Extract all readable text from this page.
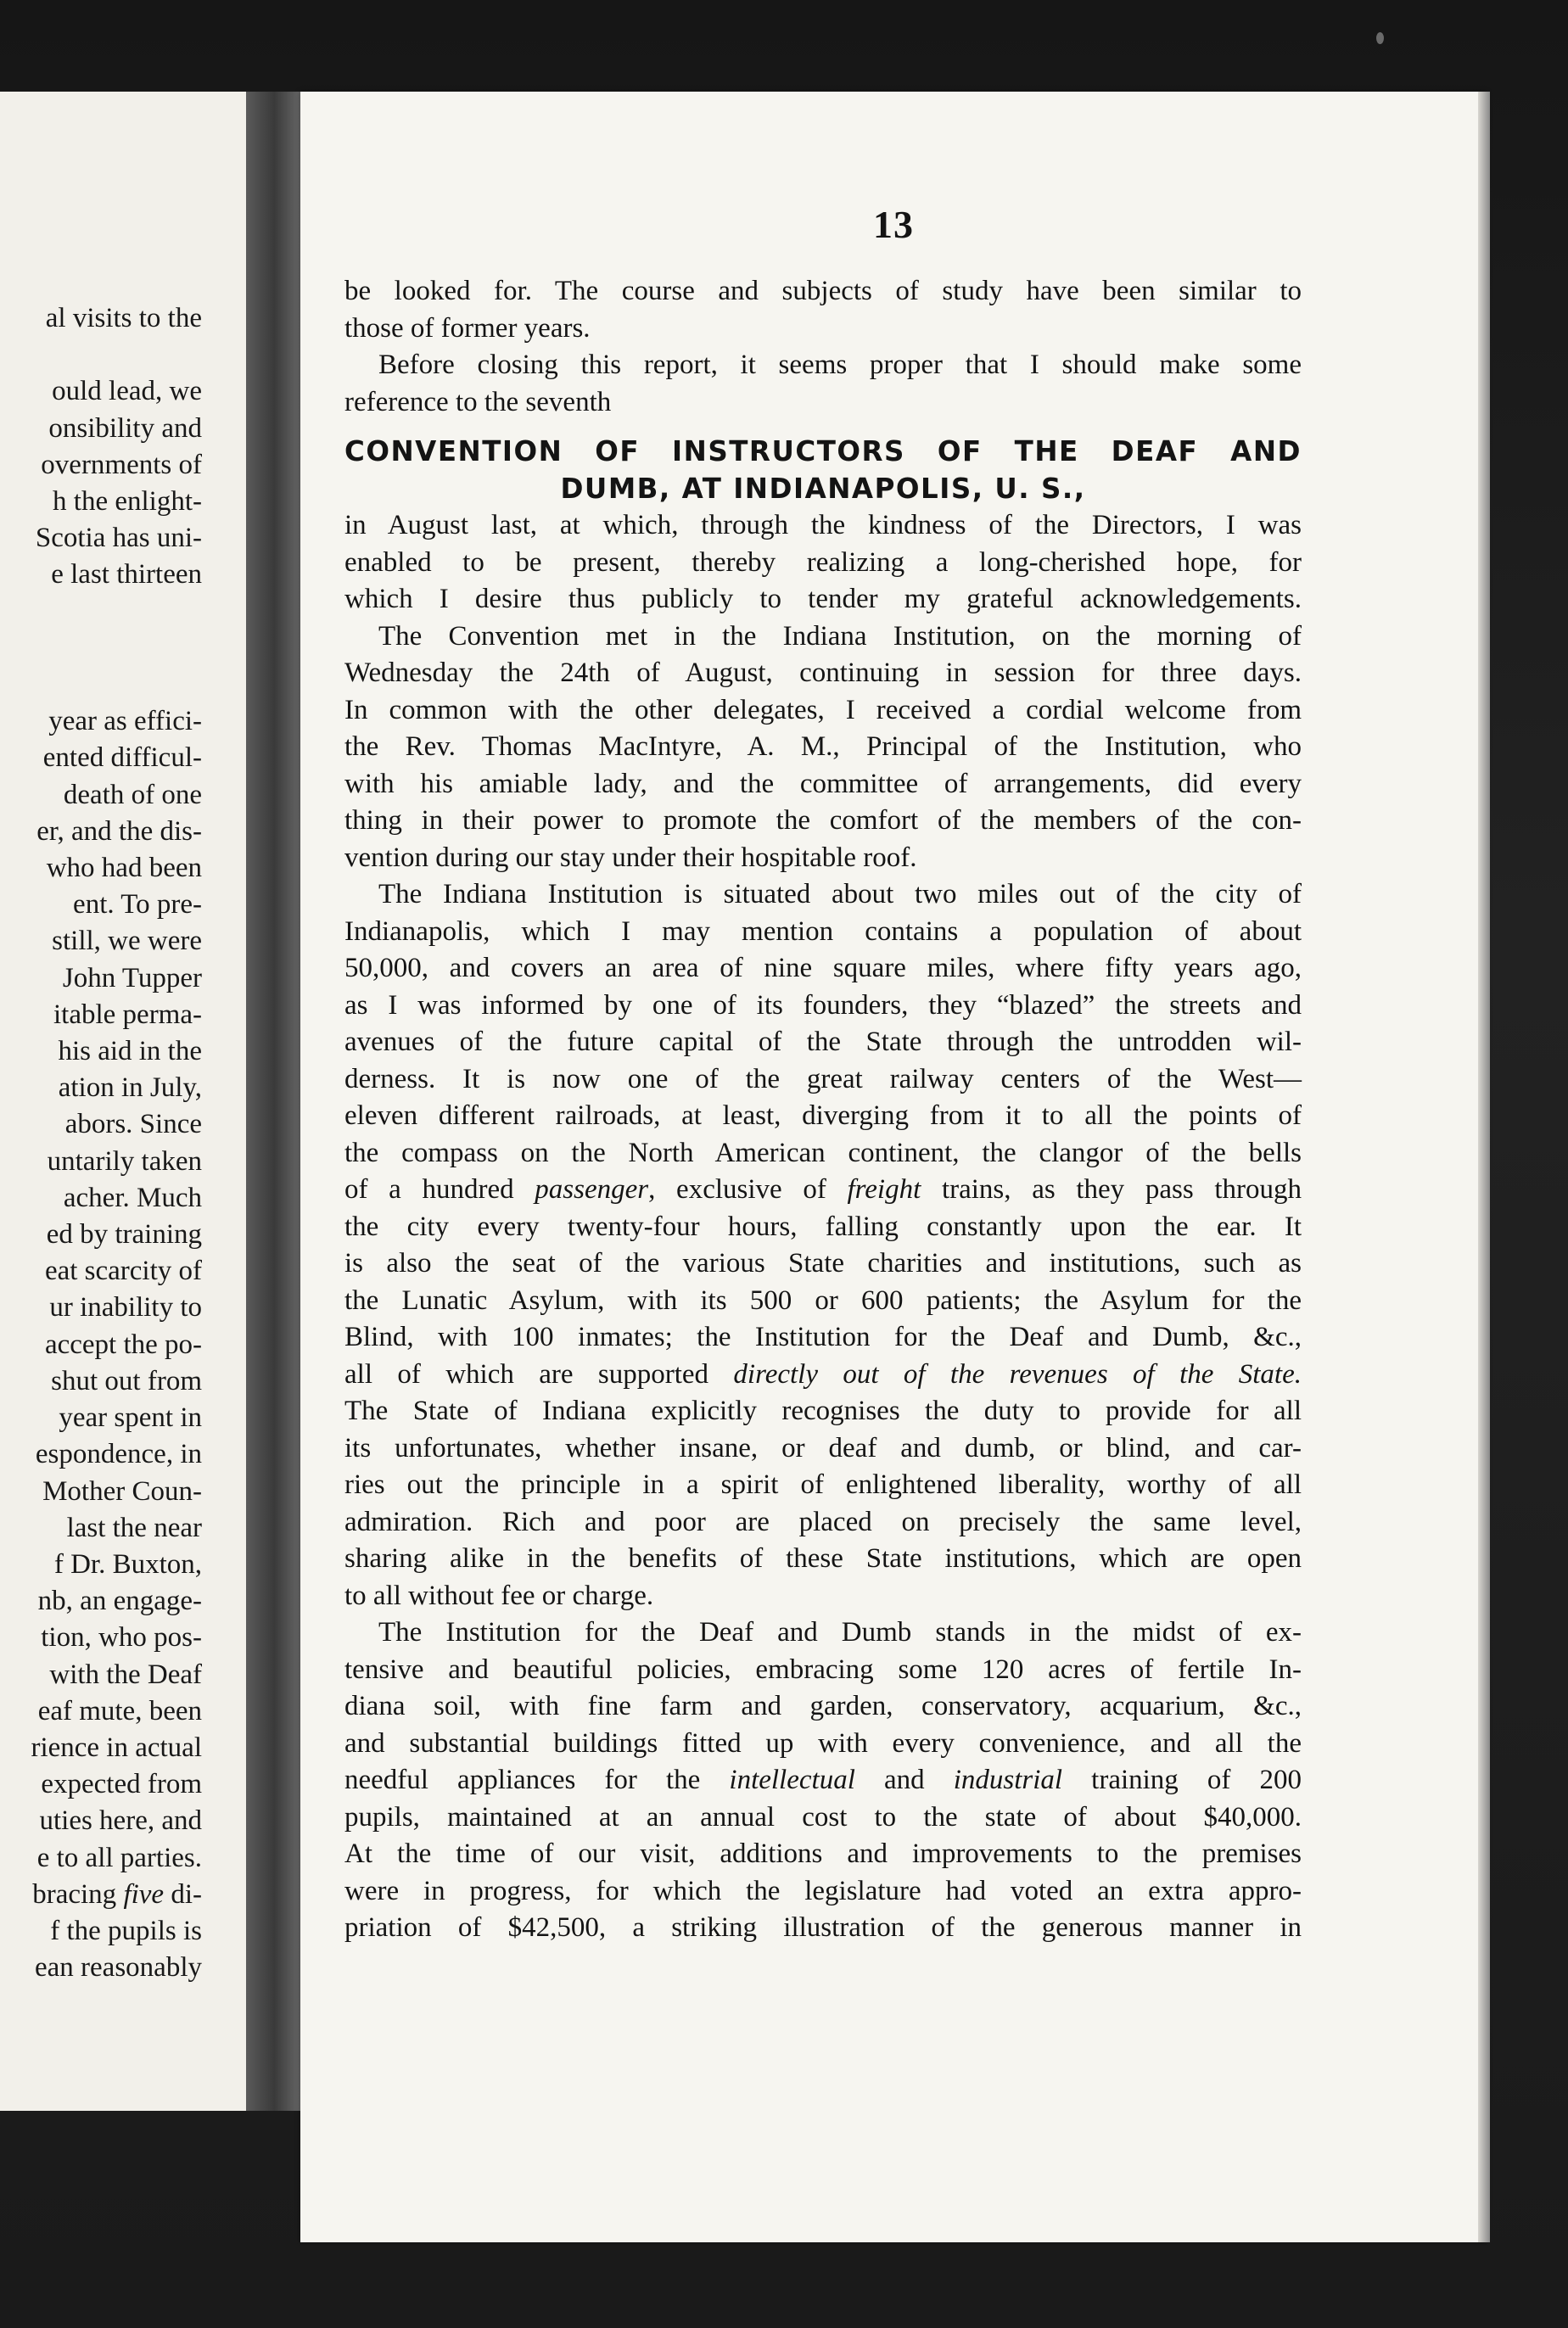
al visits to the

ould lead, we
onsibility and
overnments of
h the enlight-
Scotia has uni-
e last thirteen

year as effici-
ented difficul-
death of one
er, and the dis-
who had been
ent. To pre-
still, we were
John Tupper
itable perma-
his aid in the
ation in July,
abors. Since
untarily taken
acher. Much
ed by training
eat scarcity of
ur inability to
accept the po-
shut out from
year spent in
espondence, in
Mother Coun-
last the near
f Dr. Buxton,
nb, an engage-
tion, who pos-
with the Deaf
eaf mute, been
rience in actual
expected from
uties here, and
e to all parties.
bracing five di-
f the pupils is
ean reasonably
13
be looked for. The course and subjects of study have been similar to
those of former years.
Before closing this report, it seems proper that I should make some
reference to the seventh
CONVENTION OF INSTRUCTORS OF THE DEAF AND
DUMB, AT INDIANAPOLIS, U. S.,
in August last, at which, through the kindness of the Directors, I was
enabled to be present, thereby realizing a long-cherished hope, for
which I desire thus publicly to tender my grateful acknowledgements.
The Convention met in the Indiana Institution, on the morning of
Wednesday the 24th of August, continuing in session for three days.
In common with the other delegates, I received a cordial welcome from
the Rev. Thomas MacIntyre, A. M., Principal of the Institution, who
with his amiable lady, and the committee of arrangements, did every
thing in their power to promote the comfort of the members of the con-
vention during our stay under their hospitable roof.
The Indiana Institution is situated about two miles out of the city of
Indianapolis, which I may mention contains a population of about
50,000, and covers an area of nine square miles, where fifty years ago,
as I was informed by one of its founders, they “blazed” the streets and
avenues of the future capital of the State through the untrodden wil-
derness. It is now one of the great railway centers of the West—
eleven different railroads, at least, diverging from it to all the points of
the compass on the North American continent, the clangor of the bells
of a hundred passenger, exclusive of freight trains, as they pass through
the city every twenty-four hours, falling constantly upon the ear. It
is also the seat of the various State charities and institutions, such as
the Lunatic Asylum, with its 500 or 600 patients; the Asylum for the
Blind, with 100 inmates; the Institution for the Deaf and Dumb, &c.,
all of which are supported directly out of the revenues of the State.
The State of Indiana explicitly recognises the duty to provide for all
its unfortunates, whether insane, or deaf and dumb, or blind, and car-
ries out the principle in a spirit of enlightened liberality, worthy of all
admiration. Rich and poor are placed on precisely the same level,
sharing alike in the benefits of these State institutions, which are open
to all without fee or charge.
The Institution for the Deaf and Dumb stands in the midst of ex-
tensive and beautiful policies, embracing some 120 acres of fertile In-
diana soil, with fine farm and garden, conservatory, acquarium, &c.,
and substantial buildings fitted up with every convenience, and all the
needful appliances for the intellectual and industrial training of 200
pupils, maintained at an annual cost to the state of about $40,000.
At the time of our visit, additions and improvements to the premises
were in progress, for which the legislature had voted an extra appro-
priation of $42,500, a striking illustration of the generous manner in
